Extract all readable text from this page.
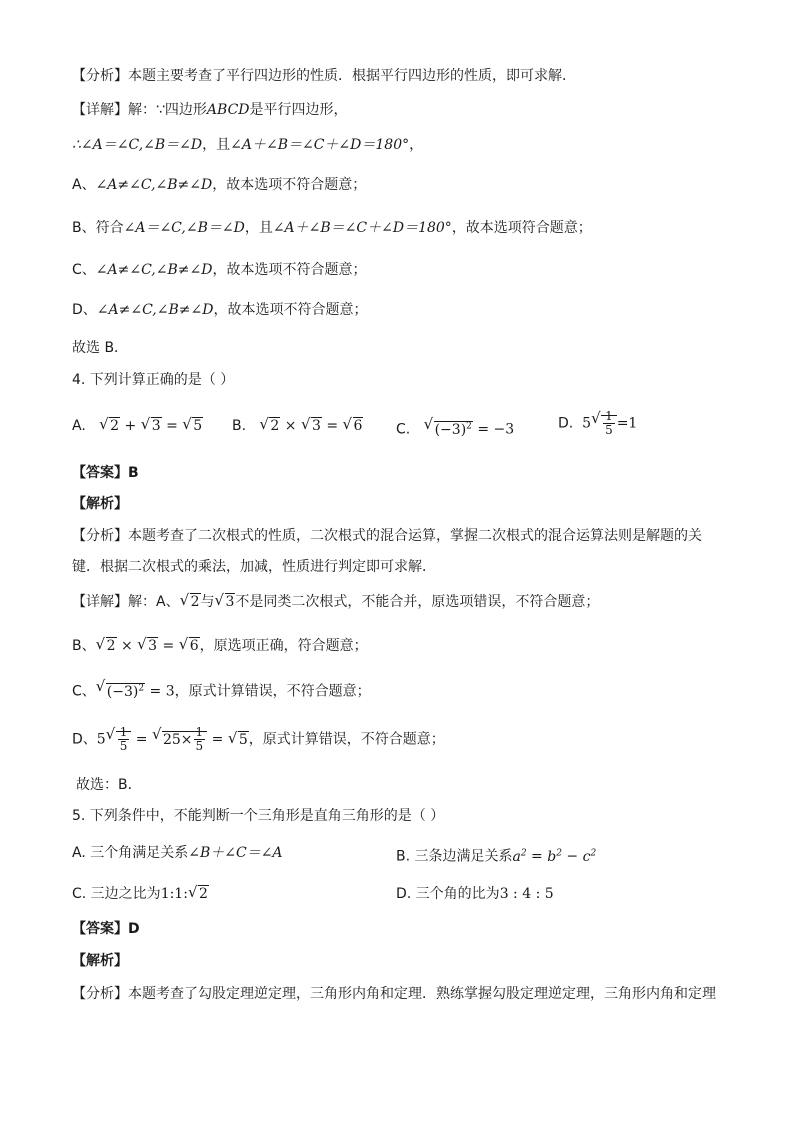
【分析】本题主要考查了平行四边形的性质．根据平行四边形的性质，即可求解．
【详解】解：∵四边形ABCD是平行四边形，
∴∠A＝∠C,∠B＝∠D，且∠A＋∠B＝∠C＋∠D＝180°，
A、∠A≠∠C,∠B≠∠D，故本选项不符合题意；
B、符合∠A＝∠C,∠B＝∠D，且∠A＋∠B＝∠C＋∠D＝180°，故本选项符合题意；
C、∠A≠∠C,∠B≠∠D，故本选项不符合题意；
D、∠A≠∠C,∠B≠∠D，故本选项不符合题意；
故选 B．
4. 下列计算正确的是（ ）
A. √ 2 + √ 3 = √ 5 B. √ 2 × √ 3 = √ 6 C. √ $(-3)^2 = -3$	D. 5 √ $\frac{1}{5} =1$
【答案】B
【解析】
【分析】本题考查了二次根式的性质，二次根式的混合运算，掌握二次根式的混合运算法则是解题的关
键．根据二次根式的乘法，加减，性质进行判定即可求解．
【详解】解：A、 √ 2与 √ 3不是同类二次根式，不能合并，原选项错误，不符合题意；
B、 √ 2 × √ 3 = √ 6，原选项正确，符合题意；
C、 √ $(-3)^2 = 3$，原式计算错误，不符合题意；
D、5 √ $\frac{1}{5}$ = √ $25\times \frac{1}{5}$ = √ 5，原式计算错误，不符合题意；
故选：B．
5. 下列条件中，不能判断一个三角形是直角三角形的是（ ）
A. 三个角满足关系∠B＋∠C＝∠A	B. 三条边满足关系$a^2 = b^2 - c^2$
C. 三边之比为1:1: √ 2	D. 三个角的比为3 : 4 : 5
【答案】D
【解析】
【分析】本题考查了勾股定理逆定理，三角形内角和定理．熟练掌握勾股定理逆定理，三角形内角和定理
